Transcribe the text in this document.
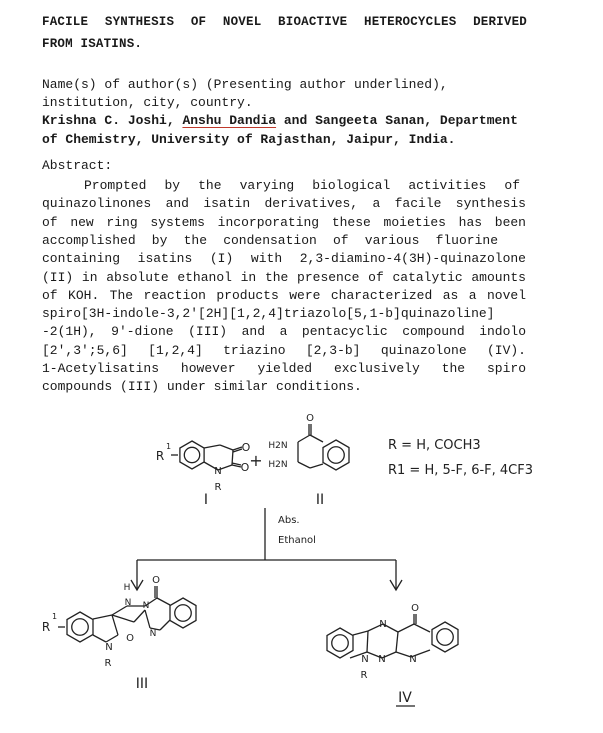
FACILE SYNTHESIS OF NOVEL BIOACTIVE HETEROCYCLES DERIVED
FROM ISATINS.
Name(s) of author(s) (Presenting author underlined),
institution, city, country.
Krishna C. Joshi, Anshu Dandia and Sangeeta Sanan, Department
of Chemistry, University of Rajasthan, Jaipur, India.
Abstract:
Prompted by the varying biological activities of
quinazolinones and isatin derivatives, a facile synthesis
of new ring systems incorporating these moieties has been
accomplished by the condensation of various fluorine
containing isatins (I) with 2,3-diamino-4(3H)-quinazolone
(II) in absolute ethanol in the presence of catalytic amounts
of KOH. The reaction products were characterized as a novel
spiro[3H-indole-3,2'[2H][1,2,4]triazolo[5,1-b]quinazoline]
-2(1H), 9'-dione (III) and a pentacyclic compound indolo
[2',3';5,6] [1,2,4] triazino [2,3-b] quinazolone (IV).
1-Acetylisatins however yielded exclusively the spiro
compounds (III) under similar conditions.
O
O
N
R
R
1
+
I
O
H2N
H2N
II
R = H, COCH3
R1 = H, 5-F, 6-F, 4CF3
Abs.
Ethanol
N
R
O
R
1
N N
H
O
N
III
N
R
N
N N
O
IV
